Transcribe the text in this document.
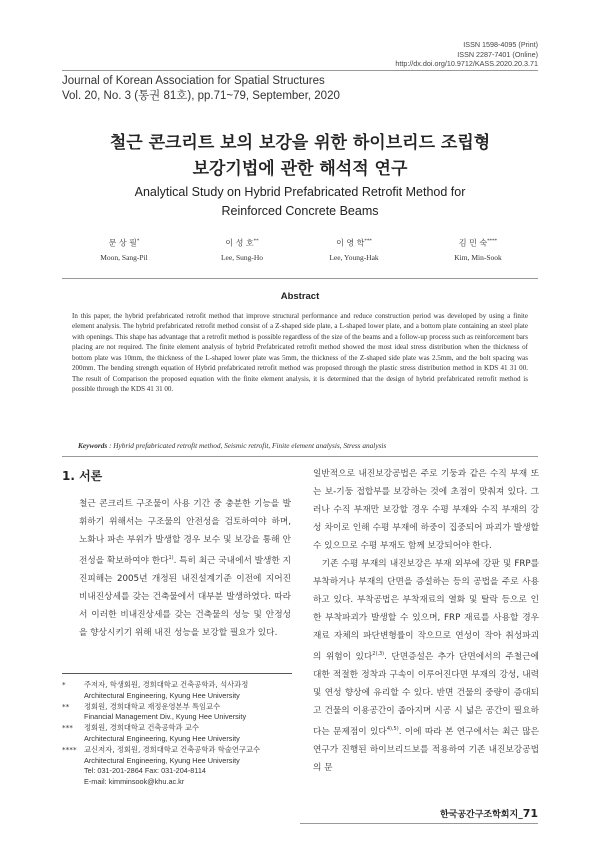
ISSN 1598-4095 (Print)
ISSN 2287-7401 (Online)
http://dx.doi.org/10.9712/KASS.2020.20.3.71
Journal of Korean Association for Spatial Structures
Vol. 20, No. 3 (통권 81호), pp.71~79, September, 2020
철근 콘크리트 보의 보강을 위한 하이브리드 조립형
보강기법에 관한 해석적 연구
Analytical Study on Hybrid Prefabricated Retrofit Method for
Reinforced Concrete Beams
문 상 필*
Moon, Sang-Pil
이 성 호**
Lee, Sung-Ho
이 영 학***
Lee, Young-Hak
김 민 숙****
Kim, Min-Sook
Abstract

In this paper, the hybrid prefabricated retrofit method that improve structural performance and reduce construction period was developed by using a finite element analysis. The hybrid prefabricated retrofit method consist of a Z-shaped side plate, a L-shaped lower plate, and a bottom plate containing an steel plate with openings. This shape has advantage that a retrofit method is possible regardless of the size of the beams and a follow-up process such as reinforcement bars placing are not required. The finite element analysis of hybrid Prefabricated retrofit method showed the most ideal stress distribution when the thickness of bottom plate was 10mm, the thickness of the L-shaped lower plate was 5mm, the thickness of the Z-shaped side plate was 2.5mm, and the bolt spacing was 200mm. The bending strength equation of Hybrid prefabricated retrofit method was proposed through the plastic stress distribution method in KDS 41 31 00. The result of Comparison the proposed equation with the finite element analysis, it is determined that the design of hybrid prefabricated retrofit method is possible through the KDS 41 31 00.

Keywords : Hybrid prefabricated retrofit method, Seismic retrofit, Finite element analysis, Stress analysis
1. 서론

철근 콘크리트 구조물이 사용 기간 중 충분한 기능을 발휘하기 위해서는 구조물의 안전성을 검토하여야 하며, 노화나 파손 부위가 발생할 경우 보수 및 보강을 통해 안전성을 확보하여야 한다$^{1)}$. 특히 최근 국내에서 발생한 지진피해는 2005년 개정된 내진설계기준 이전에 지어진 비내진상세를 갖는 건축물에서 대부분 발생하였다. 따라서 이러한 비내진상세를 갖는 건축물의 성능 및 안정성을 향상시키기 위해 내진 성능을 보강할 필요가 있다.

일반적으로 내진보강공법은 주로 기둥과 같은 수직 부재 또는 보-기둥 접합부를 보강하는 것에 초점이 맞춰져 있다. 그러나 수직 부재만 보강할 경우 수평 부재와 수직 부재의 강성 차이로 인해 수평 부재에 하중이 집중되어 파괴가 발생할 수 있으므로 수평 부재도 함께 보강되어야 한다.

기존 수평 부재의 내진보강은 부재 외부에 강판 및 FRP를 부착하거나 부재의 단면을 증설하는 등의 공법을 주로 사용하고 있다. 부착공법은 부착재료의 열화 및 탈락 등으로 인한 부착파괴가 발생할 수 있으며, FRP 재료를 사용할 경우 재료 자체의 파단변형률이 작으므로 연성이 작아 취성파괴의 위험이 있다$^{2),3)}$. 단면증설은 추가 단면에서의 주철근에 대한 적절한 정착과 구속이 이루어진다면 부재의 강성, 내력 및 연성 향상에 유리할 수 있다. 반면 건물의 중량이 증대되고 건물의 이용공간이 좁아지며 시공 시 넓은 공간이 필요하다는 문제점이 있다$^{4),5)}$. 이에 따라 본 연구에서는 최근 많은 연구가 진행된 하이브리드보를 적용하여 기존 내진보강공법의 문

*	주저자, 학생회원, 경희대학교 건축공학과, 석사과정
Architectural Engineering, Kyung Hee University
**	정회원, 경희대학교 재정운영본부 특임교수
Financial Management Div., Kyung Hee University
***	정회원, 경희대학교 건축공학과 교수
Architectural Engineering, Kyung Hee University
****	교신저자, 정회원, 경희대학교 건축공학과 학술연구교수
Architectural Engineering, Kyung Hee University
Tel: 031-201-2864 Fax: 031-204-8114
E-mail: kimminsook@khu.ac.kr
한국공간구조학회지_71
